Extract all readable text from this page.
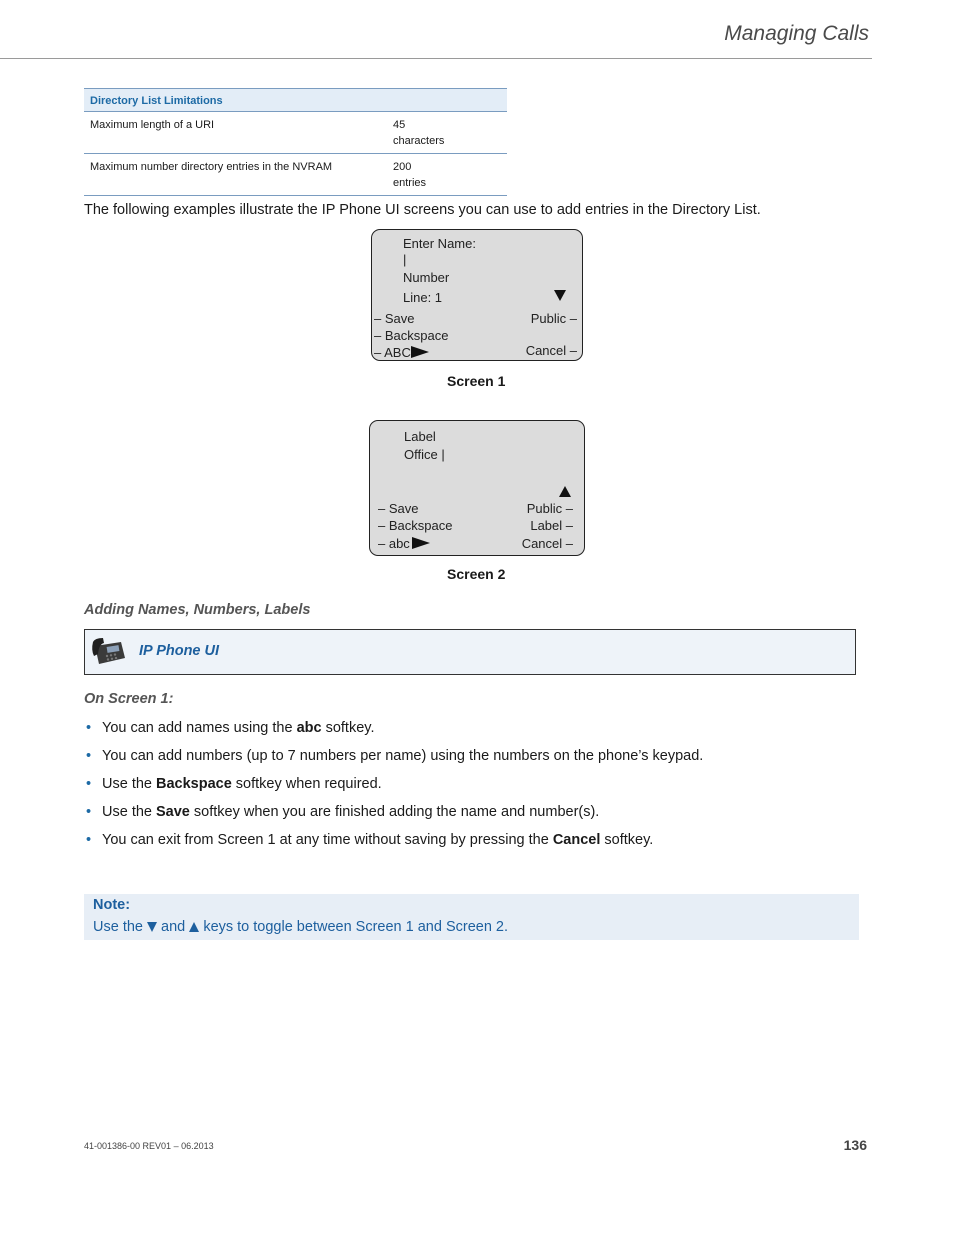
Managing Calls
Directory List Limitations	
Maximum length of a URI	45
characters

Maximum number directory entries in the NVRAM	200
entries
The following examples illustrate the IP Phone UI screens you can use to add entries in the Directory List.
Enter Name:
|
Number
Line: 1
– Save
– Backspace
– ABC
Public –
Cancel –
Screen 1
Label
Office |
– Save
– Backspace
– abc
Public –
Label –
Cancel –
Screen 2
Adding Names, Numbers, Labels
IP Phone UI
On Screen 1:
• You can add names using the abc softkey.
• You can add numbers (up to 7 numbers per name) using the numbers on the phone’s keypad.
• Use the Backspace softkey when required.
• Use the Save softkey when you are finished adding the name and number(s).
• You can exit from Screen 1 at any time without saving by pressing the Cancel softkey.
Note:
Use the and keys to toggle between Screen 1 and Screen 2.
41-001386-00 REV01 – 06.2013	136
